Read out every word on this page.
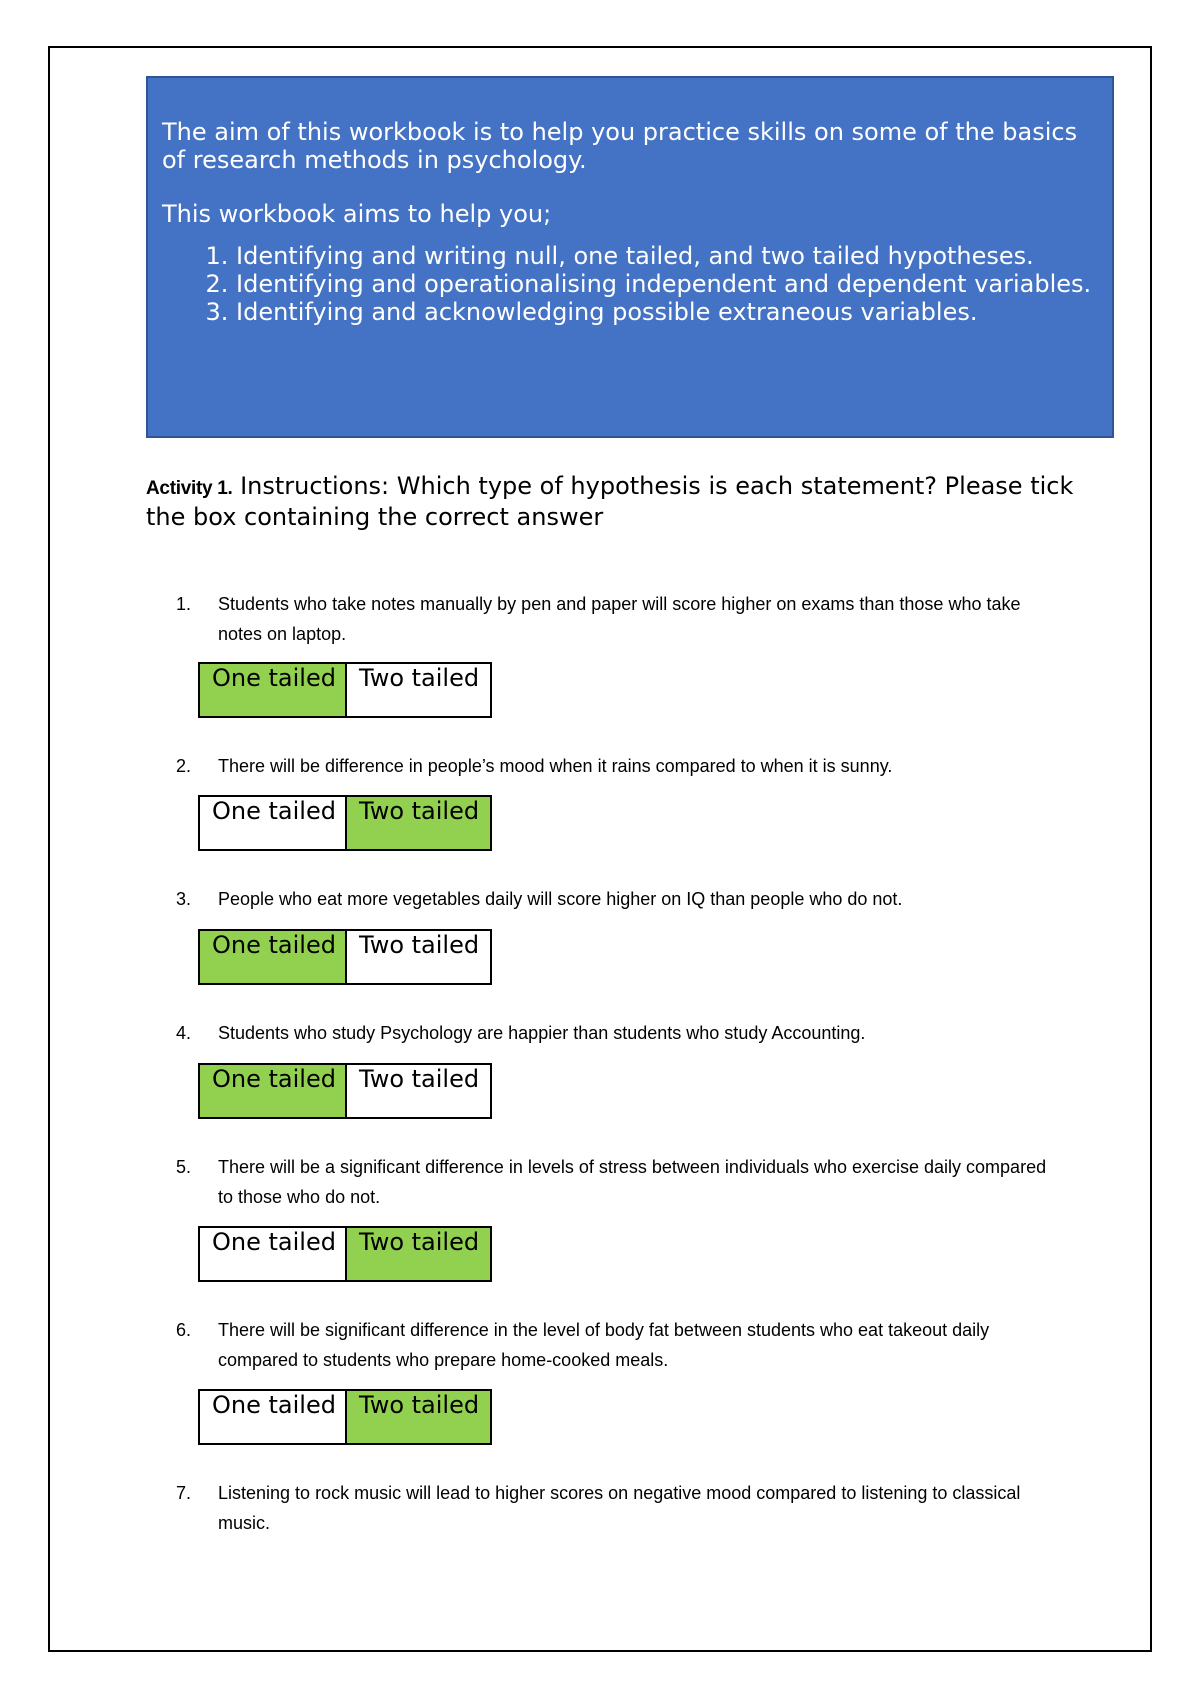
The aim of this workbook is to help you practice skills on some of the basics of research methods in psychology.

This workbook aims to help you;

1. Identifying and writing null, one tailed, and two tailed hypotheses.
2. Identifying and operationalising independent and dependent variables.
3. Identifying and acknowledging possible extraneous variables.
Activity 1. Instructions: Which type of hypothesis is each statement? Please tick the box containing the correct answer
1.	Students who take notes manually by pen and paper will score higher on exams than those who take notes on laptop.
One tailed Two tailed
2.	There will be difference in people’s mood when it rains compared to when it is sunny.
One tailed Two tailed
3.	People who eat more vegetables daily will score higher on IQ than people who do not.
One tailed Two tailed
4.	Students who study Psychology are happier than students who study Accounting.
One tailed Two tailed
5.	There will be a significant difference in levels of stress between individuals who exercise daily compared to those who do not.
One tailed Two tailed
6.	There will be significant difference in the level of body fat between students who eat takeout daily compared to students who prepare home-cooked meals.
One tailed Two tailed
7.	Listening to rock music will lead to higher scores on negative mood compared to listening to classical music.
